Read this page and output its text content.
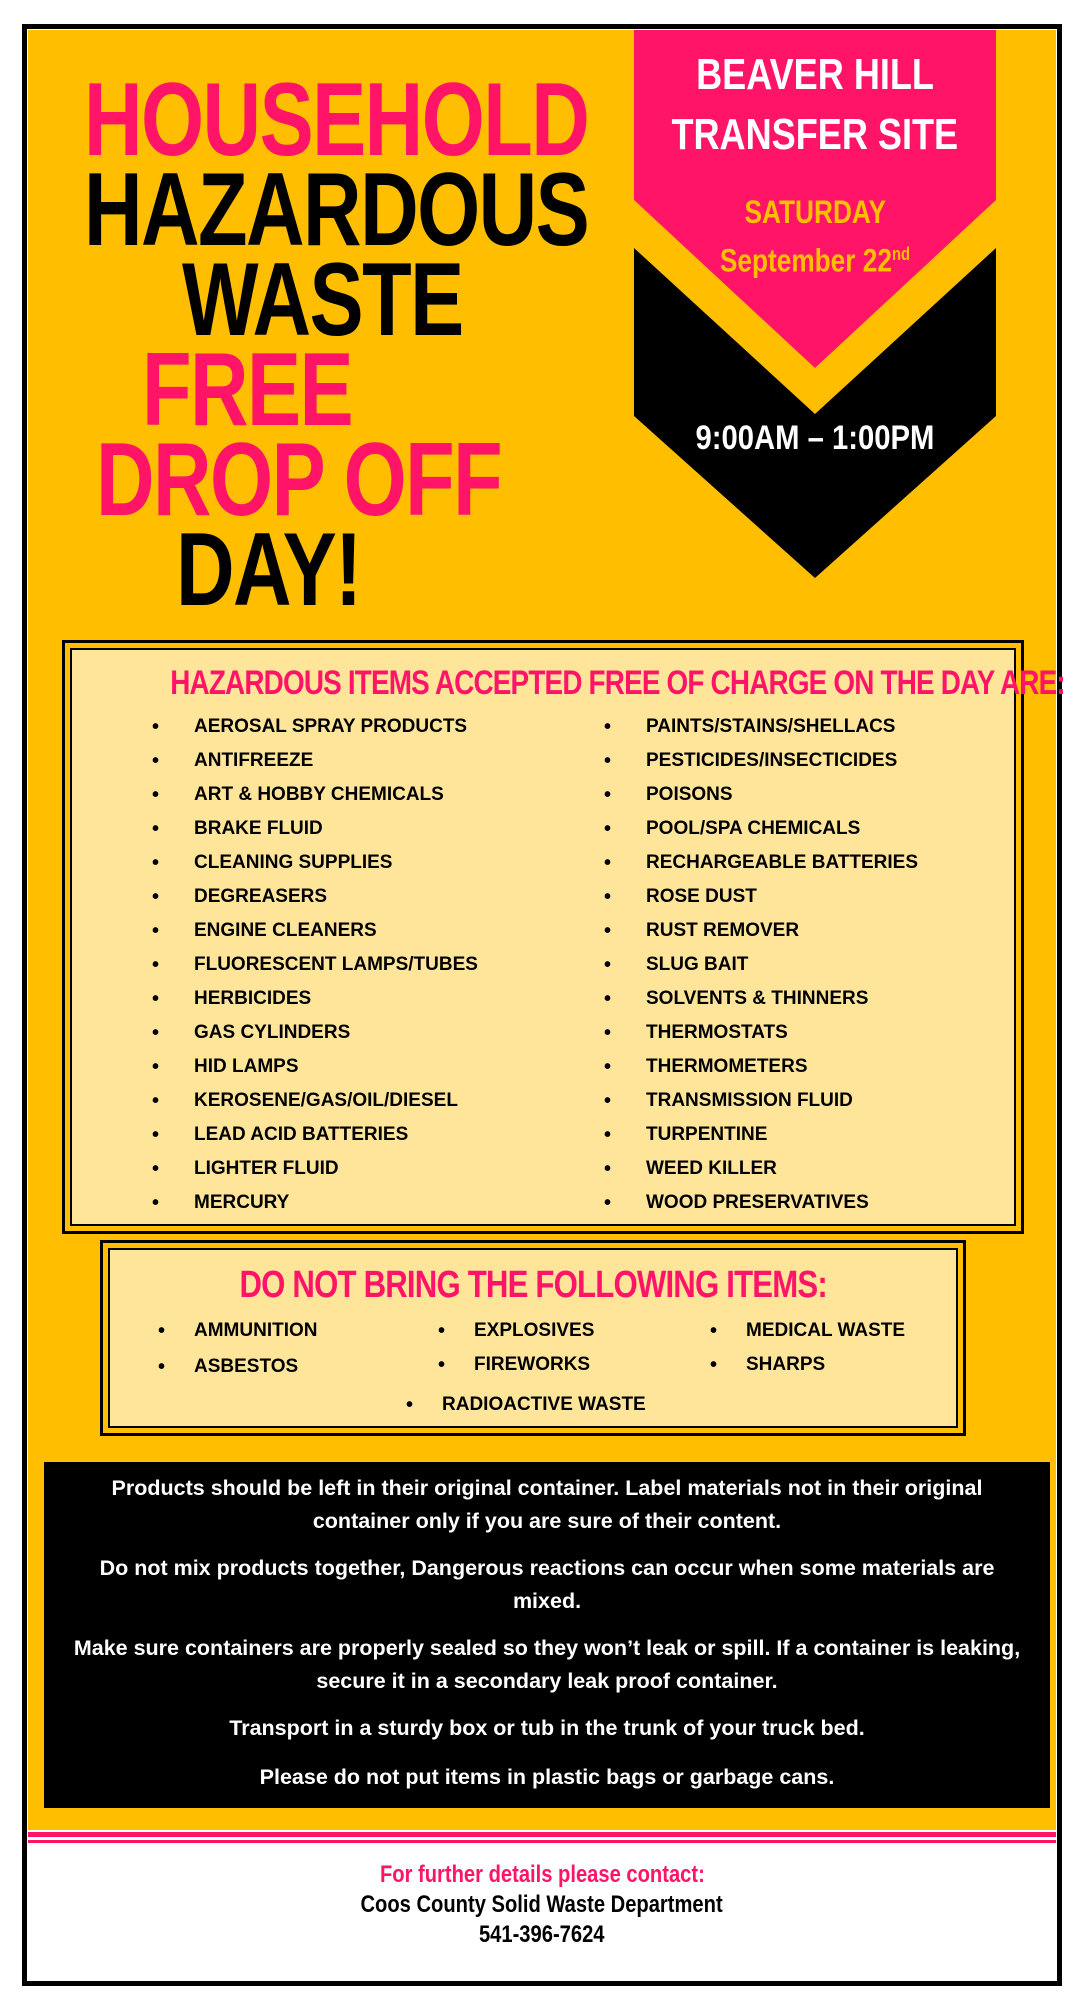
HOUSEHOLD
HAZARDOUS
WASTE
FREE
DROP OFF
DAY!
BEAVER HILL
TRANSFER SITE
SATURDAY
September 22nd
9:00AM – 1:00PM
HAZARDOUS ITEMS ACCEPTED FREE OF CHARGE ON THE DAY ARE:
• AEROSAL SPRAY PRODUCTS
• ANTIFREEZE
• ART & HOBBY CHEMICALS
• BRAKE FLUID
• CLEANING SUPPLIES
• DEGREASERS
• ENGINE CLEANERS
• FLUORESCENT LAMPS/TUBES
• HERBICIDES
• GAS CYLINDERS
• HID LAMPS
• KEROSENE/GAS/OIL/DIESEL
• LEAD ACID BATTERIES
• LIGHTER FLUID
• MERCURY
• PAINTS/STAINS/SHELLACS
• PESTICIDES/INSECTICIDES
• POISONS
• POOL/SPA CHEMICALS
• RECHARGEABLE BATTERIES
• ROSE DUST
• RUST REMOVER
• SLUG BAIT
• SOLVENTS & THINNERS
• THERMOSTATS
• THERMOMETERS
• TRANSMISSION FLUID
• TURPENTINE
• WEED KILLER
• WOOD PRESERVATIVES
DO NOT BRING THE FOLLOWING ITEMS:
• AMMUNITION	• EXPLOSIVES	• MEDICAL WASTE
• ASBESTOS	• FIREWORKS	• SHARPS
• RADIOACTIVE WASTE

Products should be left in their original container. Label materials not in their original container only if you are sure of their content.

Do not mix products together, Dangerous reactions can occur when some materials are mixed.

Make sure containers are properly sealed so they won’t leak or spill. If a container is leaking, secure it in a secondary leak proof container.

Transport in a sturdy box or tub in the trunk of your truck bed.

Please do not put items in plastic bags or garbage cans.

For further details please contact:
Coos County Solid Waste Department
541-396-7624
